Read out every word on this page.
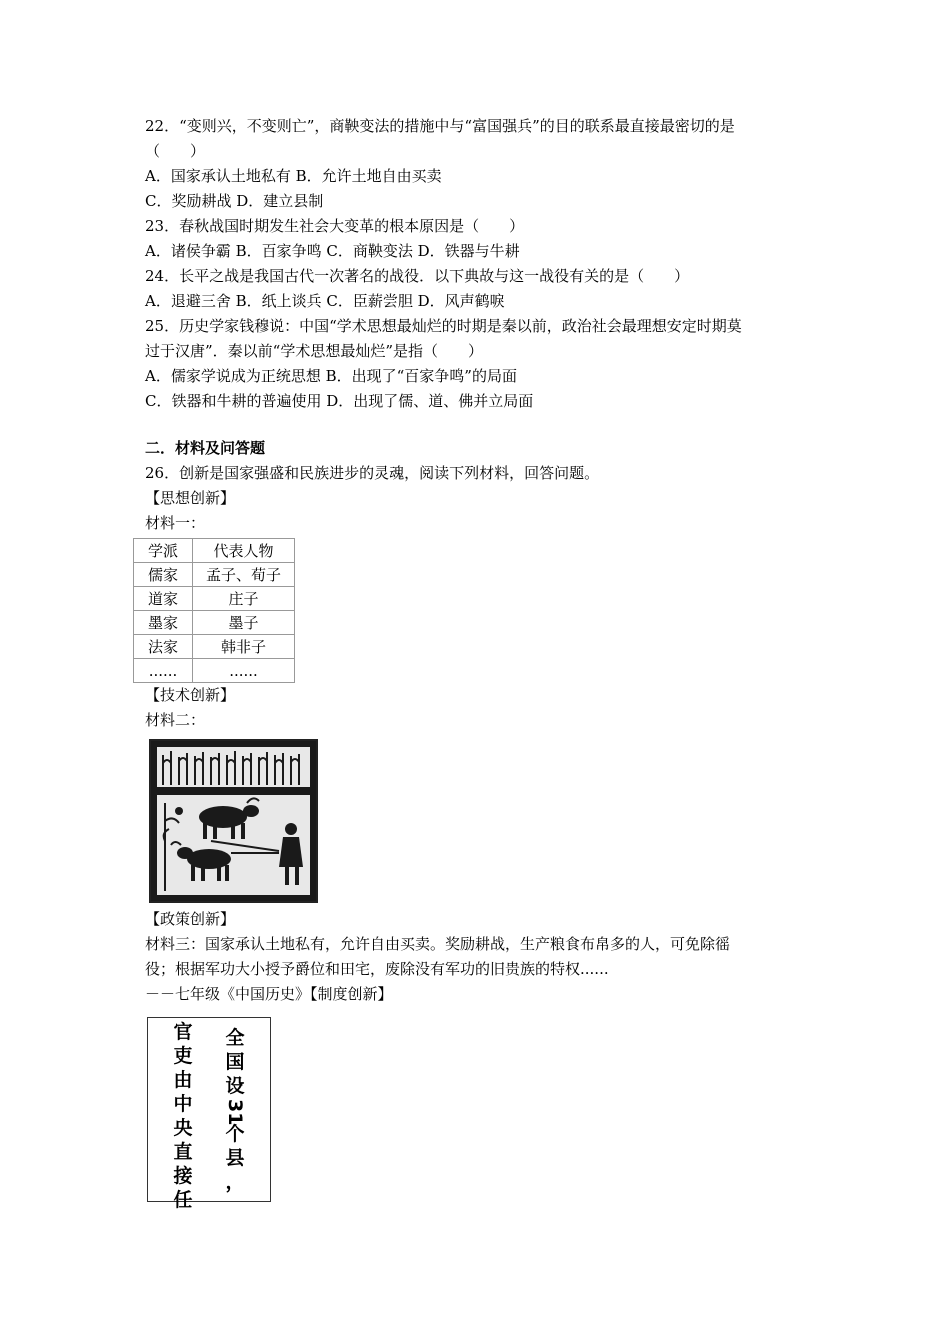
22．“变则兴，不变则亡”，商鞅变法的措施中与“富国强兵”的目的联系最直接最密切的是
（　　）
A．国家承认土地私有 B．允许土地自由买卖
C．奖励耕战 D．建立县制
23．春秋战国时期发生社会大变革的根本原因是（　　）
A．诸侯争霸 B．百家争鸣 C．商鞅变法 D．铁器与牛耕
24．长平之战是我国古代一次著名的战役．以下典故与这一战役有关的是（　　）
A．退避三舍 B．纸上谈兵 C．臣薪尝胆 D．风声鹤唳
25．历史学家钱穆说：中国“学术思想最灿烂的时期是秦以前，政治社会最理想安定时期莫
过于汉唐”．秦以前“学术思想最灿烂”是指（　　）
A．儒家学说成为正统思想 B．出现了“百家争鸣”的局面
C．铁器和牛耕的普遍使用 D．出现了儒、道、佛并立局面
二．材料及问答题
26．创新是国家强盛和民族进步的灵魂，阅读下列材料，回答问题。
【思想创新】
材料一：
学派	代表人物
儒家	孟子、荀子
道家	庄子
墨家	墨子
法家	韩非子
......	......
【技术创新】
材料二：
【政策创新】
材料三：国家承认土地私有，允许自由买卖。奖励耕战，生产粮食布帛多的人，可免除徭
役；根据军功大小授予爵位和田宅，废除没有军功的旧贵族的特权......
－－七年级《中国历史》【制度创新】
全
国
设
31
个
县
，
官
吏
由
中
央
直
接
任
